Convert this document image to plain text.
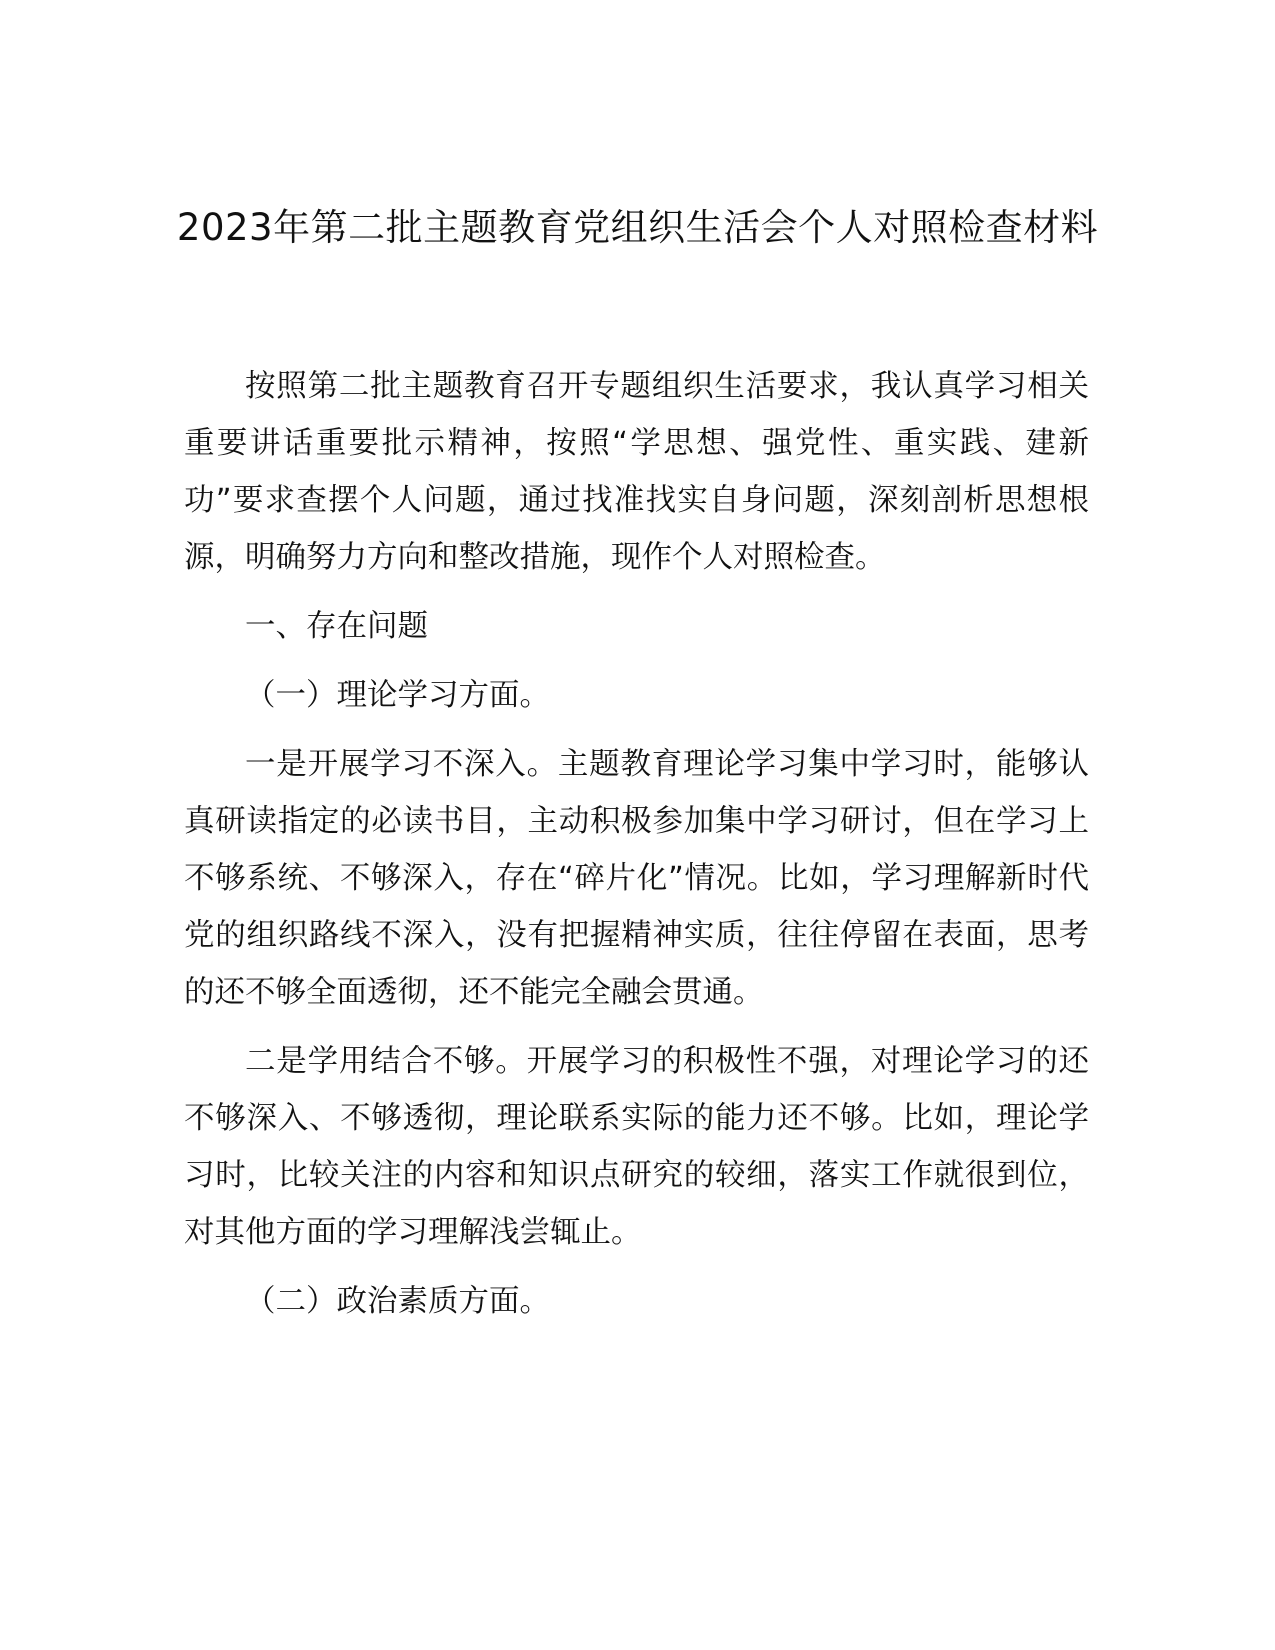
2023年第二批主题教育党组织生活会个人对照检查材料

按照第二批主题教育召开专题组织生活要求，我认真学习相关重要讲话重要批示精神，按照“学思想、强党性、重实践、建新功”要求查摆个人问题，通过找准找实自身问题，深刻剖析思想根源，明确努力方向和整改措施，现作个人对照检查。

一、存在问题

（一）理论学习方面。

一是开展学习不深入。主题教育理论学习集中学习时，能够认真研读指定的必读书目，主动积极参加集中学习研讨，但在学习上不够系统、不够深入，存在“碎片化”情况。比如，学习理解新时代党的组织路线不深入，没有把握精神实质，往往停留在表面，思考的还不够全面透彻，还不能完全融会贯通。

二是学用结合不够。开展学习的积极性不强，对理论学习的还不够深入、不够透彻，理论联系实际的能力还不够。比如，理论学习时，比较关注的内容和知识点研究的较细，落实工作就很到位，对其他方面的学习理解浅尝辄止。

（二）政治素质方面。
